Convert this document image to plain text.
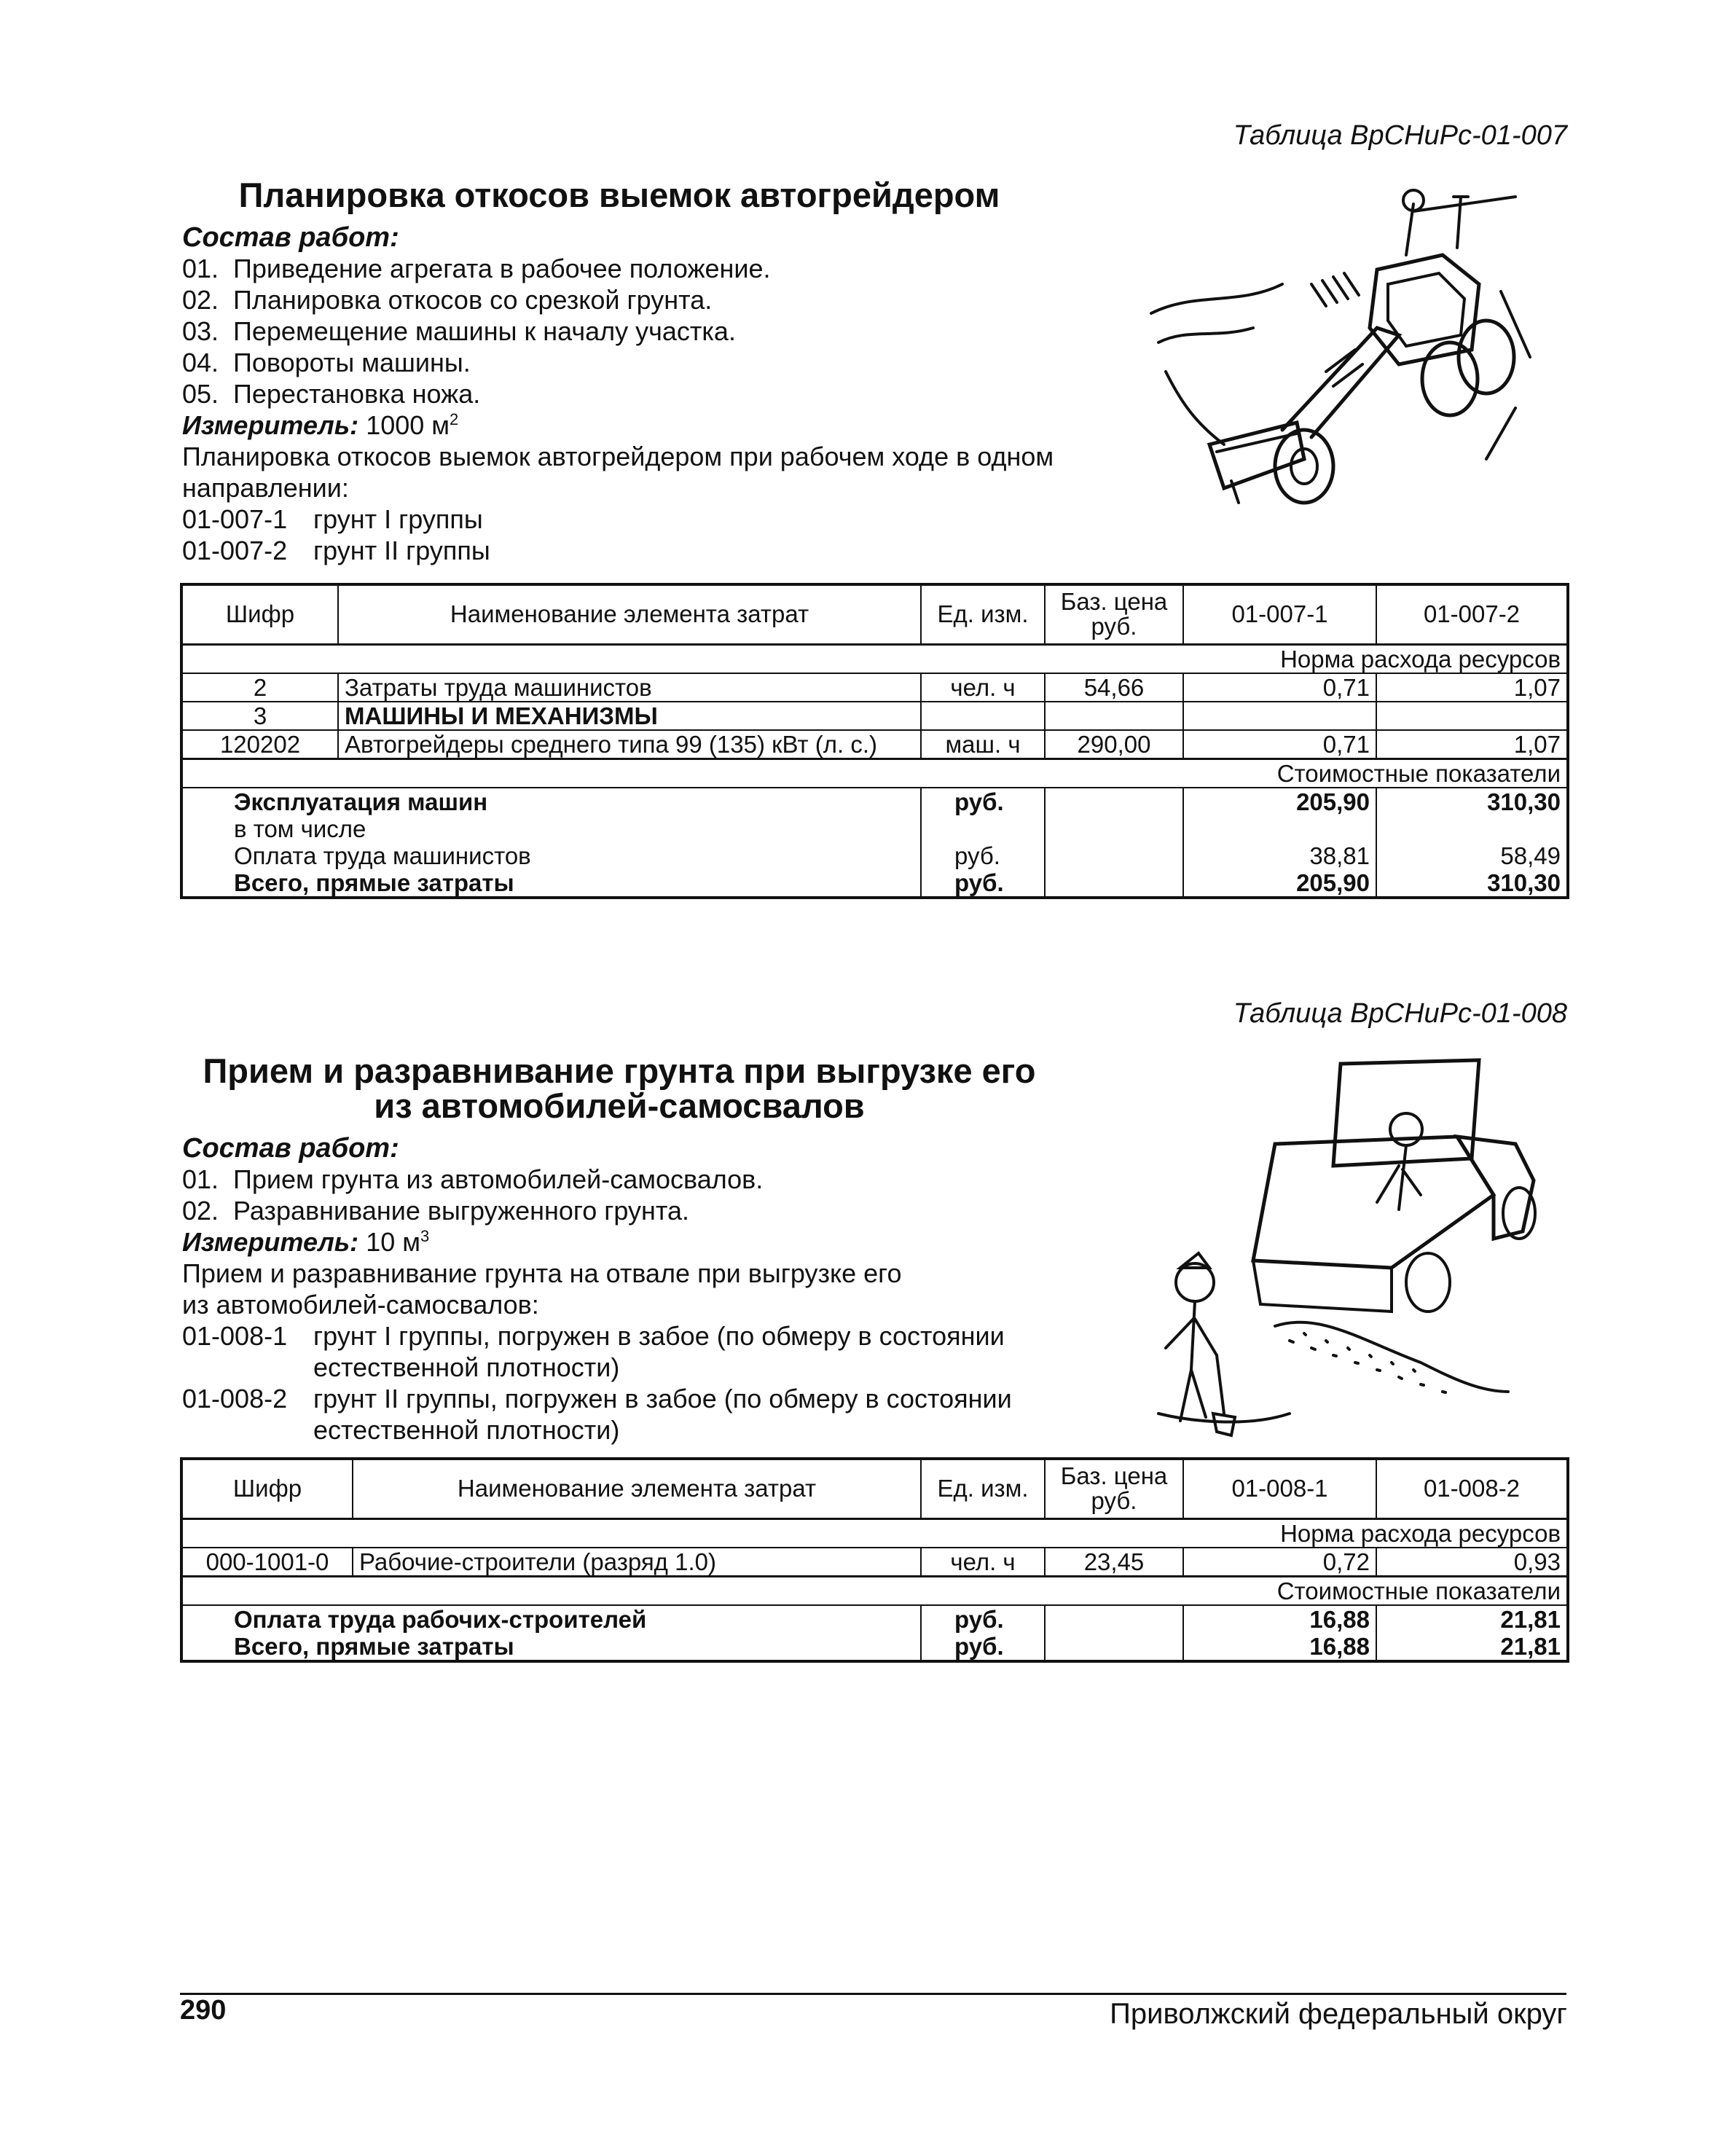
Таблица ВрСНиРс-01-007
Планировка откосов выемок автогрейдером
Состав работ:
01. Приведение агрегата в рабочее положение.
02. Планировка откосов со срезкой грунта.
03. Перемещение машины к началу участка.
04. Повороты машины.
05. Перестановка ножа.
Измеритель: 1000 $м^2$
Планировка откосов выемок автогрейдером при рабочем ходе в одном
направлении:
01-007-1 грунт I группы
01-007-2 грунт II группы
Шифр	Наименование элемента затрат	Ед. изм.	Баз. цена руб.	01-007-1	01-007-2
				Норма расхода ресурсов	
2	Затраты труда машинистов	чел. ч	54,66	0,71	1,07
3	МАШИНЫ И МЕХАНИЗМЫ				
120202	Автогрейдеры среднего типа 99 (135) кВт (л. с.)	маш. ч	290,00	0,71	1,07
				Стоимостные показатели	
Эксплуатация машин		руб.		205,90	310,30
в том числе					
Оплата труда машинистов		руб.		38,81	58,49
Всего, прямые затраты		руб.		205,90	310,30
Таблица ВрСНиРс-01-008
Прием и разравнивание грунта при выгрузке его
из автомобилей-самосвалов
Состав работ:
01. Прием грунта из автомобилей-самосвалов.
02. Разравнивание выгруженного грунта.
Измеритель: 10 $м^3$
Прием и разравнивание грунта на отвале при выгрузке его
из автомобилей-самосвалов:
01-008-1 грунт I группы, погружен в забое (по обмеру в состоянии
естественной плотности)
01-008-2 грунт II группы, погружен в забое (по обмеру в состоянии
естественной плотности)
Шифр	Наименование элемента затрат	Ед. изм.	Баз. цена руб.	01-008-1	01-008-2
				Норма расхода ресурсов	
000-1001-0	Рабочие-строители (разряд 1.0)	чел. ч	23,45	0,72	0,93
				Стоимостные показатели	
Оплата труда рабочих-строителей		руб.		16,88	21,81
Всего, прямые затраты		руб.		16,88	21,81
290	Приволжский федеральный округ
